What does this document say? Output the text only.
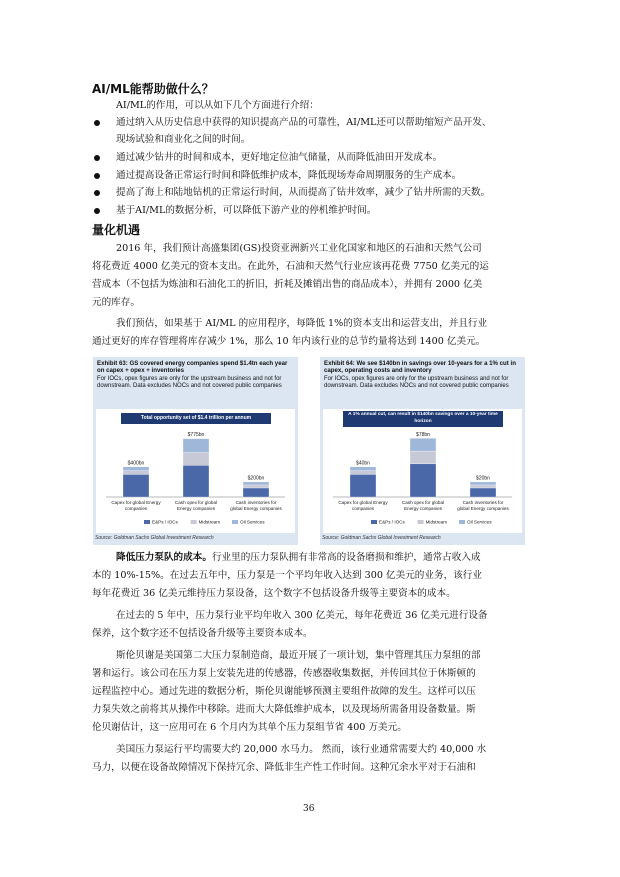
AI/ML能帮助做什么？
AI/ML的作用，可以从如下几个方面进行介绍：
通过纳入从历史信息中获得的知识提高产品的可靠性，AI/ML还可以帮助缩短产品开发、
现场试验和商业化之间的时间。
通过减少钻井的时间和成本，更好地定位油气储量，从而降低油田开发成本。
通过提高设备正常运行时间和降低维护成本，降低现场寿命周期服务的生产成本。
提高了海上和陆地钻机的正常运行时间，从而提高了钻井效率，减少了钻井所需的天数。
基于AI/ML的数据分析，可以降低下游产业的停机维护时间。
量化机遇
2016 年，我们预计高盛集团(GS)投资亚洲新兴工业化国家和地区的石油和天然气公司
将花费近 4000 亿美元的资本支出。在此外，石油和天然气行业应该再花费 7750 亿美元的运
营成本（不包括为炼油和石油化工的折旧，折耗及摊销出售的商品成本），并拥有 2000 亿美
元的库存。
我们预估，如果基于 AI/ML 的应用程序，每降低 1%的资本支出和运营支出，并且行业
通过更好的库存管理将库存减少 1%，那么 10 年内该行业的总节约量将达到 1400 亿美元。
Exhibit 63: GS covered energy companies spend $1.4tn each year on capex + opex + inventories
For IOCs, opex figures are only for the upstream business and not for downstream. Data excludes NOCs and not covered public companies
Total opportunity set of $1.4 trillion per annum
$400bn
Capex for global Energy
companies
$775bn
Cash opex for global
Energy companies
$200bn
Cash inventories for
global Energy companies
E&Ps / IOCs	Midstream	Oil Services
Source: Goldman Sachs Global Investment Research
Exhibit 64: We see $140bn in savings over 10-years for a 1% cut in capex, operating costs and inventory
For IOCs, opex figures are only for the upstream business and not for downstream. Data excludes NOCs and not covered public companies
A 1% annual cut, can result in $140bn savings over a 10-year time horizon
$40bn
Capex for global Energy
companies
$78bn
Cash opex for global
Energy companies
$20bn
Cash inventories for
global Energy companies
E&Ps / IOCs	Midstream	Oil Services
Source: Goldman Sachs Global Investment Research
降低压力泵队的成本。行业里的压力泵队拥有非常高的设备磨损和维护，通常占收入成
本的 10%-15%。在过去五年中，压力泵是一个平均年收入达到 300 亿美元的业务，该行业
每年花费近 36 亿美元维持压力泵设备，这个数字不包括设备升级等主要资本的成本。
在过去的 5 年中，压力泵行业平均年收入 300 亿美元，每年花费近 36 亿美元进行设备
保养，这个数字还不包括设备升级等主要资本成本。
斯伦贝谢是美国第二大压力泵制造商，最近开展了一项计划，集中管理其压力泵组的部
署和运行。该公司在压力泵上安装先进的传感器，传感器收集数据，并传回其位于休斯顿的
远程监控中心。通过先进的数据分析，斯伦贝谢能够预测主要组件故障的发生。这样可以压
力泵失效之前将其从操作中移除。进而大大降低维护成本，以及现场所需备用设备数量。斯
伦贝谢估计，这一应用可在 6 个月内为其单个压力泵组节省 400 万美元。
美国压力泵运行平均需要大约 20,000 水马力。 然而，该行业通常需要大约 40,000 水
马力，以便在设备故障情况下保持冗余、降低非生产性工作时间。这种冗余水平对于石油和
36
